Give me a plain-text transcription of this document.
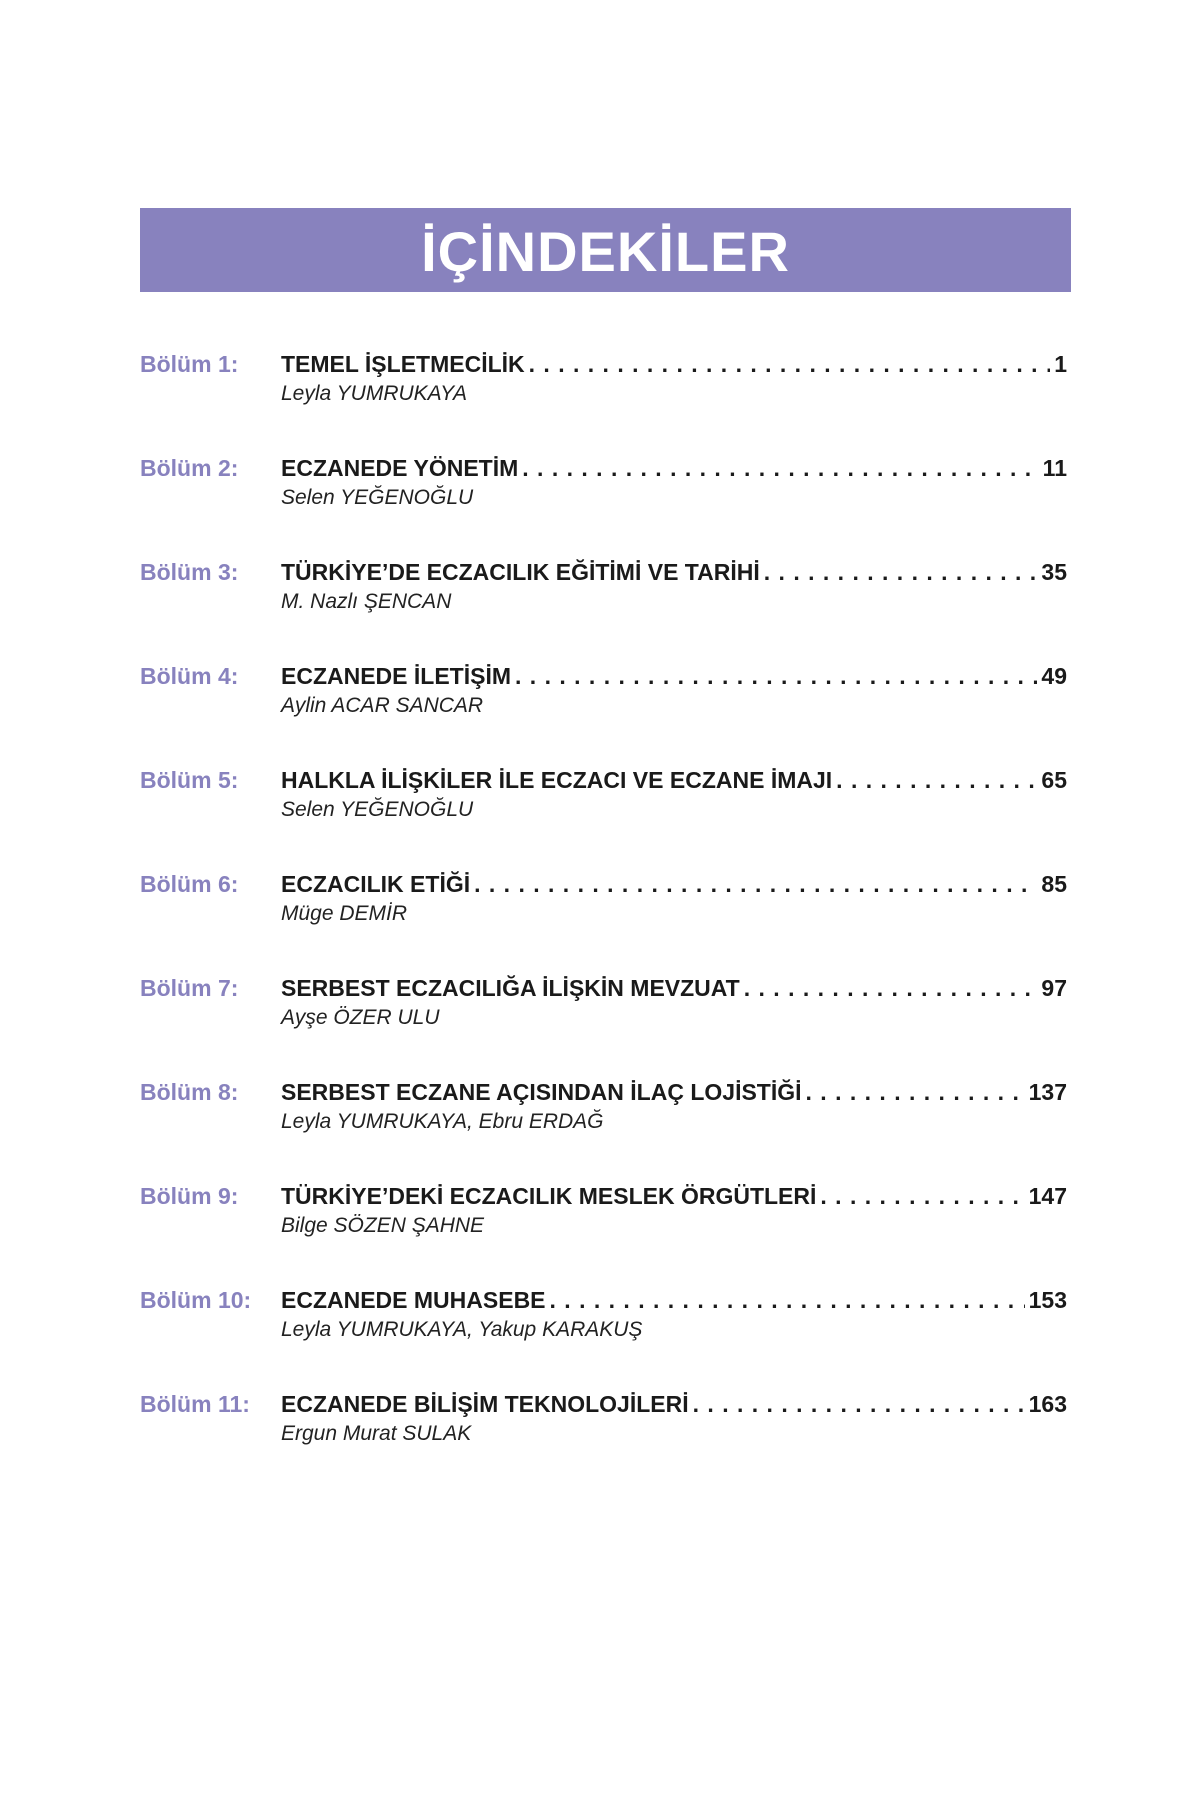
İÇİNDEKİLER
Bölüm 1: TEMEL İŞLETMECİLİK . . .	1
Leyla YUMRUKAYA
Bölüm 2: ECZANEDE YÖNETİM . . .	11
Selen YEĞENOĞLU
Bölüm 3: TÜRKİYE’DE ECZACILIK EĞİTİMİ VE TARİHİ . . .	35
M. Nazlı ŞENCAN
Bölüm 4: ECZANEDE İLETİŞİM . . .	49
Aylin ACAR SANCAR
Bölüm 5: HALKLA İLİŞKİLER İLE ECZACI VE ECZANE İMAJI . . .	65
Selen YEĞENOĞLU
Bölüm 6: ECZACILIK ETİĞİ . . .	85
Müge DEMİR
Bölüm 7: SERBEST ECZACILIĞA İLİŞKİN MEVZUAT . . .	97
Ayşe ÖZER ULU
Bölüm 8: SERBEST ECZANE AÇISINDAN İLAÇ LOJİSTİĞİ . . .	137
Leyla YUMRUKAYA, Ebru ERDAĞ
Bölüm 9: TÜRKİYE’DEKİ ECZACILIK MESLEK ÖRGÜTLERİ . . .	147
Bilge SÖZEN ŞAHNE
Bölüm 10: ECZANEDE MUHASEBE . . .	153
Leyla YUMRUKAYA, Yakup KARAKUŞ
Bölüm 11: ECZANEDE BİLİŞİM TEKNOLOJİLERİ . . .	163
Ergun Murat SULAK
